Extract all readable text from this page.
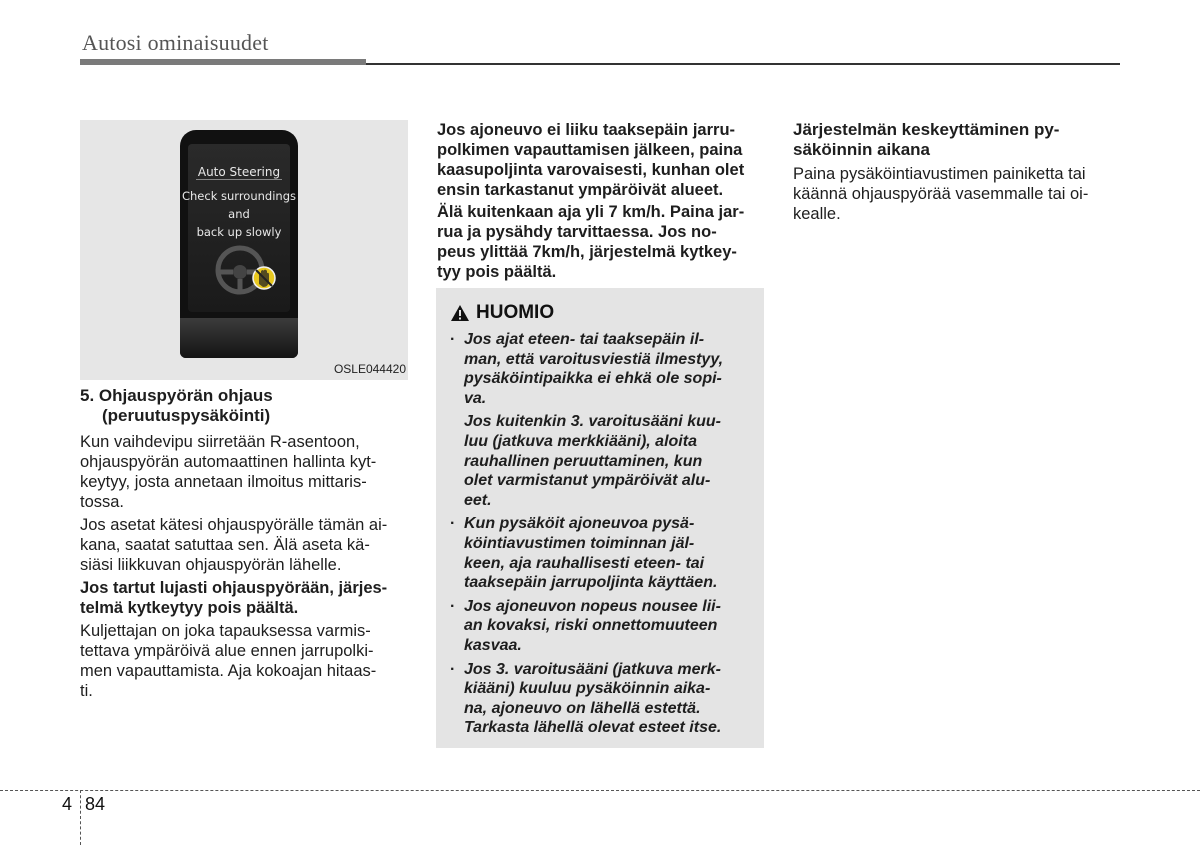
Autosi ominaisuudet
Auto Steering
Check surroundings
and
back up slowly
OSLE044420
5. Ohjauspyörän ohjaus
(peruutuspysäköinti)
Kun vaihdevipu siirretään R-asentoon,
ohjauspyörän automaattinen hallinta kyt-
keytyy, josta annetaan ilmoitus mittaris-
tossa.
Jos asetat kätesi ohjauspyörälle tämän ai-
kana, saatat satuttaa sen. Älä aseta kä-
siäsi liikkuvan ohjauspyörän lähelle.
Jos tartut lujasti ohjauspyörään, järjes-
telmä kytkeytyy pois päältä.
Kuljettajan on joka tapauksessa varmis-
tettava ympäröivä alue ennen jarrupolki-
men vapauttamista. Aja kokoajan hitaas-
ti.
Jos ajoneuvo ei liiku taaksepäin jarru-
polkimen vapauttamisen jälkeen, paina
kaasupoljinta varovaisesti, kunhan olet
ensin tarkastanut ympäröivät alueet.
Älä kuitenkaan aja yli 7 km/h. Paina jar-
rua ja pysähdy tarvittaessa. Jos no-
peus ylittää 7km/h, järjestelmä kytkey-
tyy pois päältä.
HUOMIO
· Jos ajat eteen- tai taaksepäin il-
man, että varoitusviestiä ilmestyy,
pysäköintipaikka ei ehkä ole sopi-
va.

Jos kuitenkin 3. varoitusääni kuu-
luu (jatkuva merkkiääni), aloita
rauhallinen peruuttaminen, kun
olet varmistanut ympäröivät alu-
eet.

· Kun pysäköit ajoneuvoa pysä-
köintiavustimen toiminnan jäl-
keen, aja rauhallisesti eteen- tai
taaksepäin jarrupoljinta käyttäen.

· Jos ajoneuvon nopeus nousee lii-
an kovaksi, riski onnettomuuteen
kasvaa.

· Jos 3. varoitusääni (jatkuva merk-
kiääni) kuuluu pysäköinnin aika-
na, ajoneuvo on lähellä estettä.
Tarkasta lähellä olevat esteet itse.

Järjestelmän keskeyttäminen py-
säköinnin aikana
Paina pysäköintiavustimen painiketta tai
käännä ohjauspyörää vasemmalle tai oi-
kealle.
4 84
